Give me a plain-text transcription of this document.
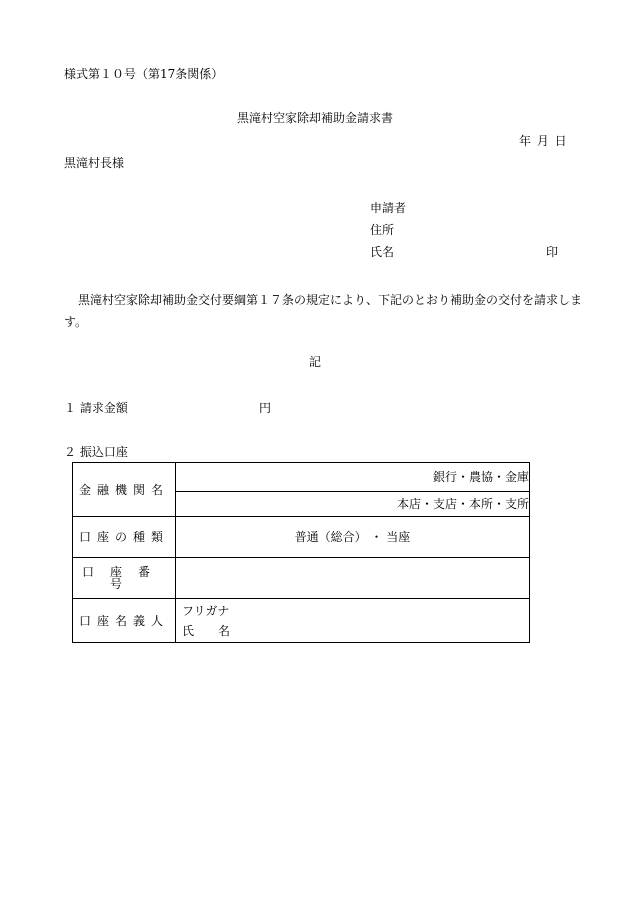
様式第１０号（第17条関係）
黒滝村空家除却補助金請求書
年 月 日
黒滝村長様
申請者
住所
氏名	印
黒滝村空家除却補助金交付要綱第１７条の規定により、下記のとおり補助金の交付を請求します。
記
１ 請求金額	円
２ 振込口座
金融機関名	銀行・農協・金庫
	本店・支店・本所・支所
口座の種類	普通（総合） ・ 当座
口座番号	
口座名義人	フリガナ
氏　　名
